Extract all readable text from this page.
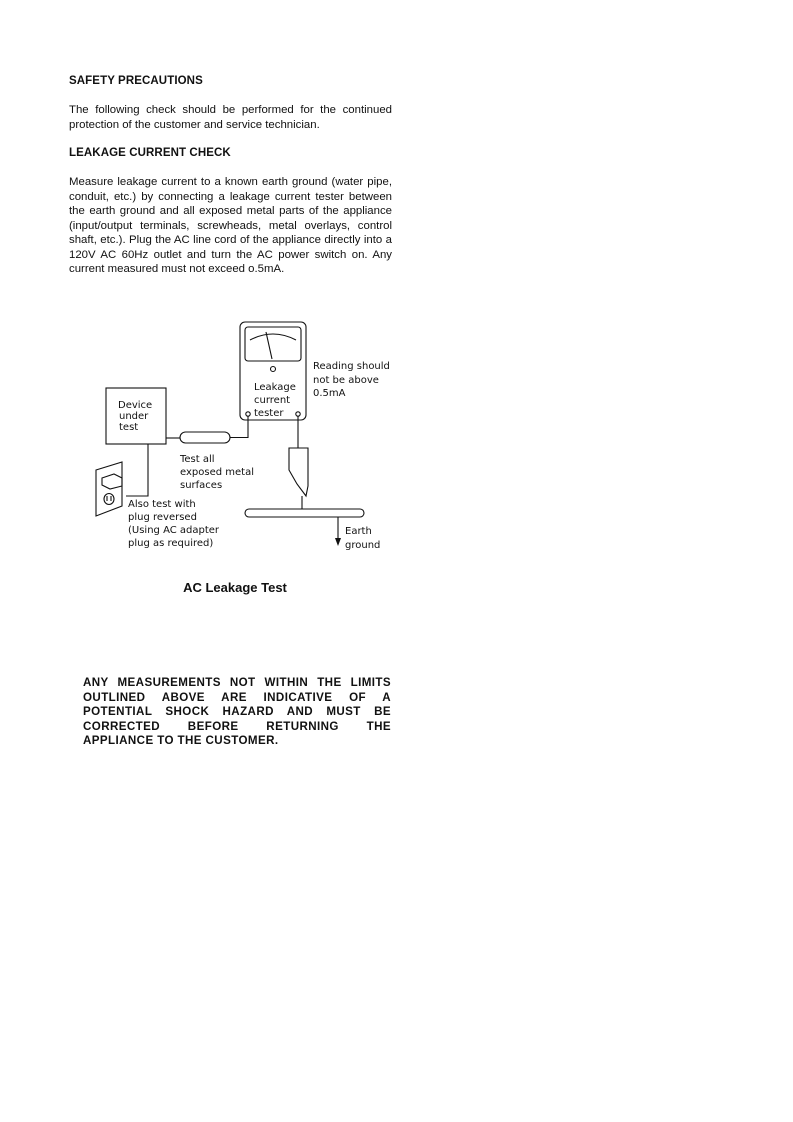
SAFETY PRECAUTIONS

The following check should be performed for the continued protection of the customer and service technician.

LEAKAGE CURRENT CHECK

Measure leakage current to a known earth ground (water pipe, conduit, etc.) by connecting a leakage current tester between the earth ground and all exposed metal parts of the appliance (input/output terminals, screwheads, metal overlays, control shaft, etc.). Plug the AC line cord of the appliance directly into a 120V AC 60Hz outlet and turn the AC power switch on. Any current measured must not exceed o.5mA.

Device
under
test
Leakage
current
tester
Reading should
not be above
0.5mA
Test all
exposed metal
surfaces
Also test with
plug reversed
(Using AC adapter
plug as required)
Earth
ground
AC Leakage Test
ANY MEASUREMENTS NOT WITHIN THE LIMITS OUTLINED ABOVE ARE INDICATIVE OF A POTENTIAL SHOCK HAZARD AND MUST BE CORRECTED BEFORE RETURNING THE APPLIANCE TO THE CUSTOMER.
